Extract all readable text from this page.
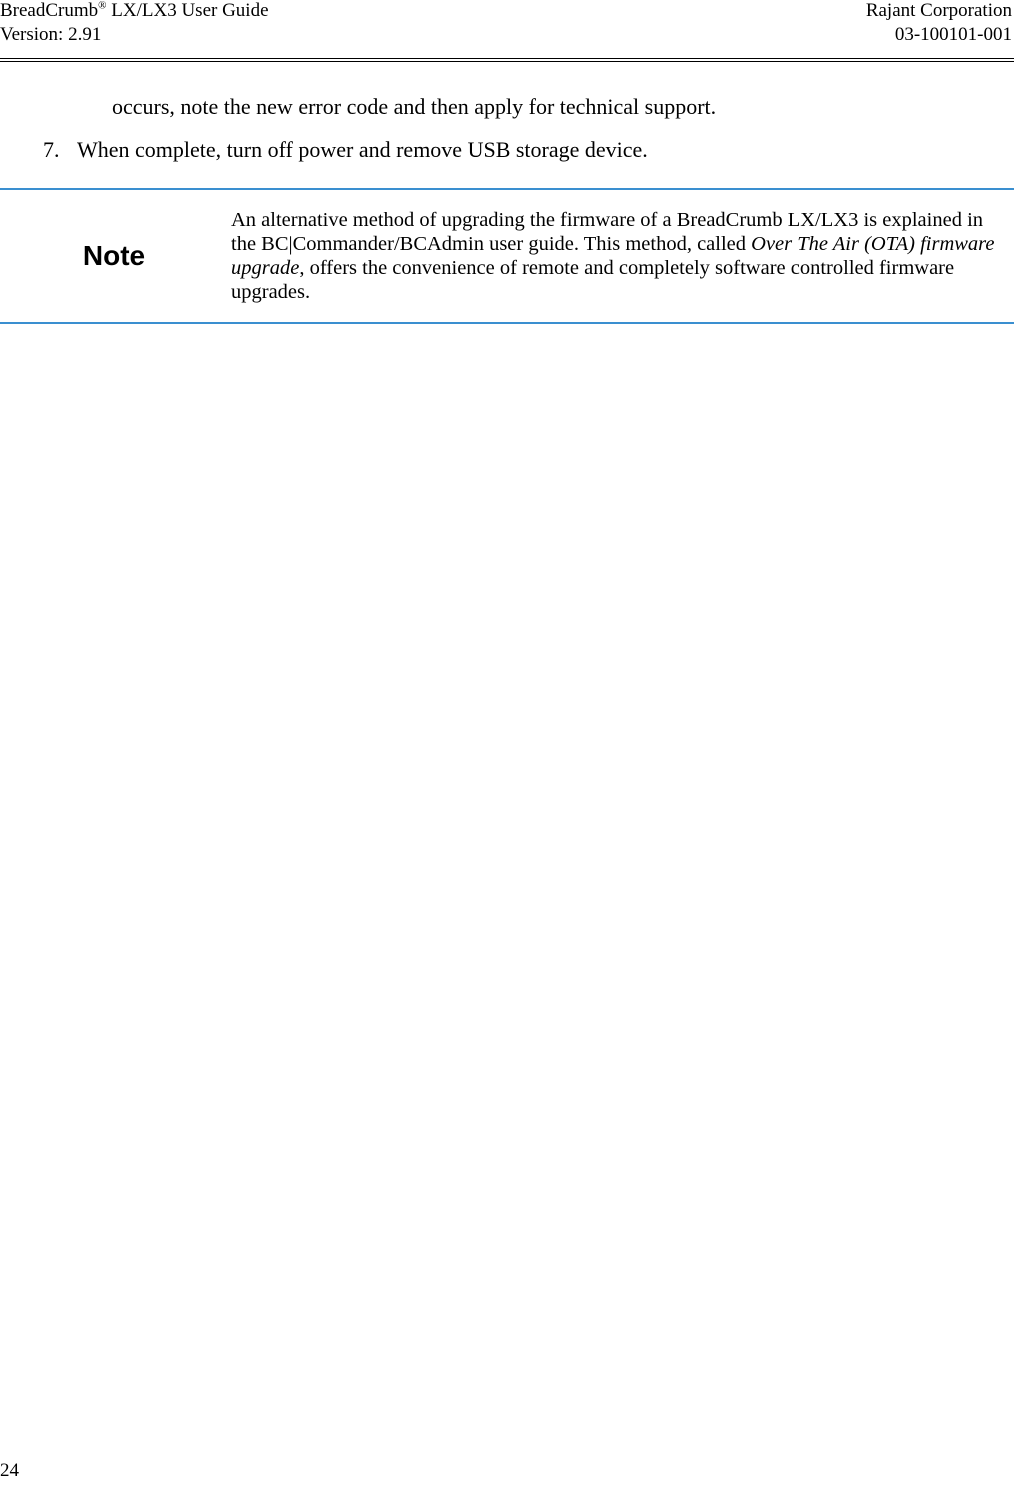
BreadCrumb® LX/LX3 User Guide
Version: 2.91
Rajant Corporation
03-100101-001
occurs, note the new error code and then apply for technical support.
7. When complete, turn off power and remove USB storage device.
Note
An alternative method of upgrading the firmware of a BreadCrumb LX/LX3 is explained in the BC|Commander/BCAdmin user guide. This method, called Over The Air (OTA) firmware upgrade, offers the convenience of remote and completely software controlled firmware upgrades.
24
